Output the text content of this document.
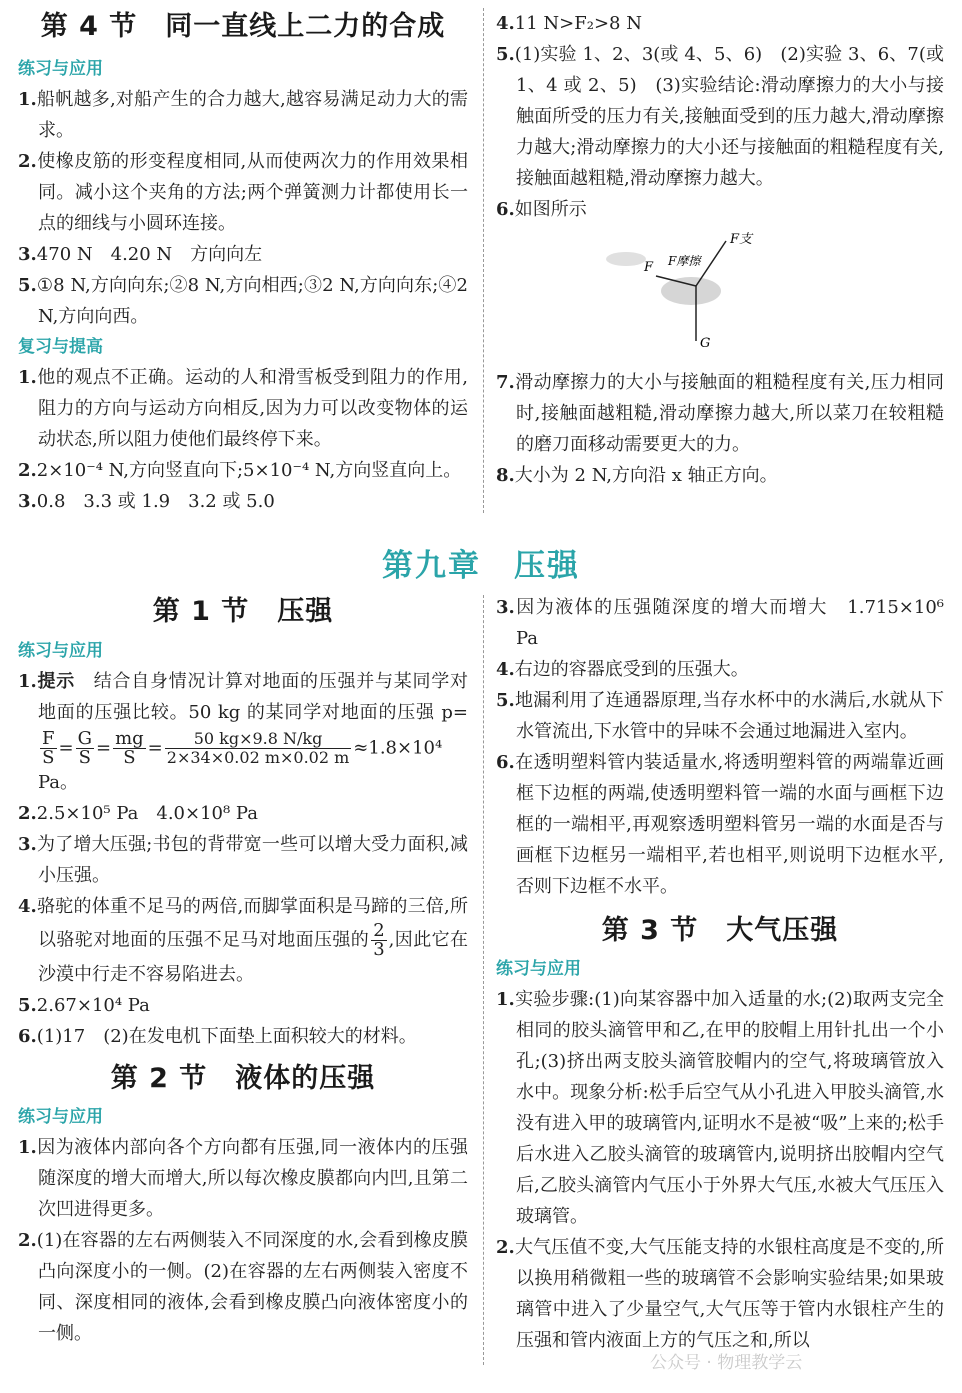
第 4 节　同一直线上二力的合成
练习与应用
1.船帆越多,对船产生的合力越大,越容易满足动力大的需求。
2.使橡皮筋的形变程度相同,从而使两次力的作用效果相同。减小这个夹角的方法;两个弹簧测力计都使用长一点的细线与小圆环连接。
3.470 N　4.20 N　方向向左
5.①8 N,方向向东;②8 N,方向相西;③2 N,方向向东;④2 N,方向向西。
复习与提高
1.他的观点不正确。运动的人和滑雪板受到阻力的作用,阻力的方向与运动方向相反,因为力可以改变物体的运动状态,所以阻力使他们最终停下来。
2.2×10⁻⁴ N,方向竖直向下;5×10⁻⁴ N,方向竖直向上。
3.0.8　3.3 或 1.9　3.2 或 5.0
4.11 N>F₂>8 N
5.(1)实验 1、2、3(或 4、5、6)　(2)实验 3、6、7(或 1、4 或 2、5)　(3)实验结论:滑动摩擦力的大小与接触面所受的压力有关,接触面受到的压力越大,滑动摩擦力越大;滑动摩擦力的大小还与接触面的粗糙程度有关,接触面越粗糙,滑动摩擦力越大。
6.如图所示
F支
F摩擦
F
G
7.滑动摩擦力的大小与接触面的粗糙程度有关,压力相同时,接触面越粗糙,滑动摩擦力越大,所以菜刀在较粗糙的磨刀面移动需要更大的力。
8.大小为 2 N,方向沿 x 轴正方向。
第九章　压强
第 1 节　压强
练习与应用
1.提示　结合自身情况计算对地面的压强并与某同学对地面的压强比较。50 kg 的某同学对地面的压强 p=
$\frac{F}{S} = \frac{G}{S} = \frac{mg}{S} = \frac{50 kg\times 9.8 N/kg}{2\times 34\times 0.02 m\times 0.02 m} \approx 1.8\times 10^4$ Pa。
2.2.5×10⁵ Pa　4.0×10⁸ Pa
3.为了增大压强;书包的背带宽一些可以增大受力面积,减小压强。
4.骆驼的体重不足马的两倍,而脚掌面积是马蹄的三倍,所以骆驼对地面的压强不足马对地面压强的 $\frac{2}{3}$ ,因此它在沙漠中行走不容易陷进去。
5.2.67×10⁴ Pa
6.(1)17　(2)在发电机下面垫上面积较大的材料。
第 2 节　液体的压强
练习与应用
1.因为液体内部向各个方向都有压强,同一液体内的压强随深度的增大而增大,所以每次橡皮膜都向内凹,且第二次凹进得更多。
2.(1)在容器的左右两侧装入不同深度的水,会看到橡皮膜凸向深度小的一侧。(2)在容器的左右两侧装入密度不同、深度相同的液体,会看到橡皮膜凸向液体密度小的一侧。
3.因为液体的压强随深度的增大而增大　1.715×10⁶ Pa
4.右边的容器底受到的压强大。
5.地漏利用了连通器原理,当存水杯中的水满后,水就从下水管流出,下水管中的异味不会通过地漏进入室内。
6.在透明塑料管内装适量水,将透明塑料管的两端靠近画框下边框的两端,使透明塑料管一端的水面与画框下边框的一端相平,再观察透明塑料管另一端的水面是否与画框下边框另一端相平,若也相平,则说明下边框水平,否则下边框不水平。
第 3 节　大气压强
练习与应用
1.实验步骤:(1)向某容器中加入适量的水;(2)取两支完全相同的胶头滴管甲和乙,在甲的胶帽上用针扎出一个小孔;(3)挤出两支胶头滴管胶帽内的空气,将玻璃管放入水中。现象分析:松手后空气从小孔进入甲胶头滴管,水没有进入甲的玻璃管内,证明水不是被“吸”上来的;松手后水进入乙胶头滴管的玻璃管内,说明挤出胶帽内空气后,乙胶头滴管内气压小于外界大气压,水被大气压压入玻璃管。
2.大气压值不变,大气压能支持的水银柱高度是不变的,所以换用稍微粗一些的玻璃管不会影响实验结果;如果玻璃管中进入了少量空气,大气压等于管内水银柱产生的压强和管内液面上方的气压之和,所以
公众号 · 物理教学云
